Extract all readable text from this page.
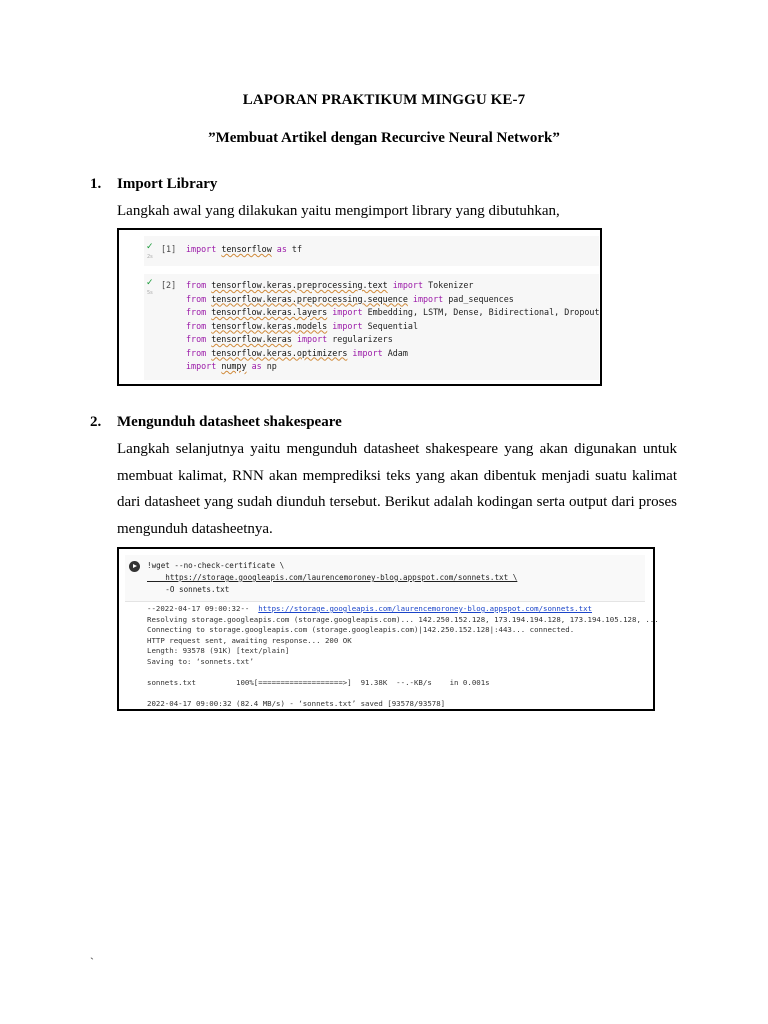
LAPORAN PRAKTIKUM MINGGU KE-7
”Membuat Artikel dengan Recurcive Neural Network”
1. Import Library
Langkah awal yang dilakukan yaitu mengimport library yang dibutuhkan,
✓
2s
[1] import tensorflow as tf
✓
5s
[2] from tensorflow.keras.preprocessing.text import Tokenizer
from tensorflow.keras.preprocessing.sequence import pad_sequences
from tensorflow.keras.layers import Embedding, LSTM, Dense, Bidirectional, Dropout
from tensorflow.keras.models import Sequential
from tensorflow.keras import regularizers
from tensorflow.keras.optimizers import Adam
import numpy as np
2. Mengunduh datasheet shakespeare
Langkah selanjutnya yaitu mengunduh datasheet shakespeare yang akan digunakan untuk membuat kalimat, RNN akan memprediksi teks yang akan dibentuk menjadi suatu kalimat dari datasheet yang sudah diunduh tersebut. Berikut adalah kodingan serta output dari proses mengunduh datasheetnya.
!wget --no-check-certificate \
https://storage.googleapis.com/laurencemoroney-blog.appspot.com/sonnets.txt \
-O sonnets.txt
--2022-04-17 09:00:32--  https://storage.googleapis.com/laurencemoroney-blog.appspot.com/sonnets.txt
Resolving storage.googleapis.com (storage.googleapis.com)... 142.250.152.128, 173.194.194.128, 173.194.105.128, ...
Connecting to storage.googleapis.com (storage.googleapis.com)|142.250.152.128|:443... connected.
HTTP request sent, awaiting response... 200 OK
Length: 93578 (91K) [text/plain]
Saving to: ‘sonnets.txt’
sonnets.txt         100%[===================>]  91.38K  --.-KB/s    in 0.001s
2022-04-17 09:00:32 (82.4 MB/s) - ‘sonnets.txt’ saved [93578/93578]
`
